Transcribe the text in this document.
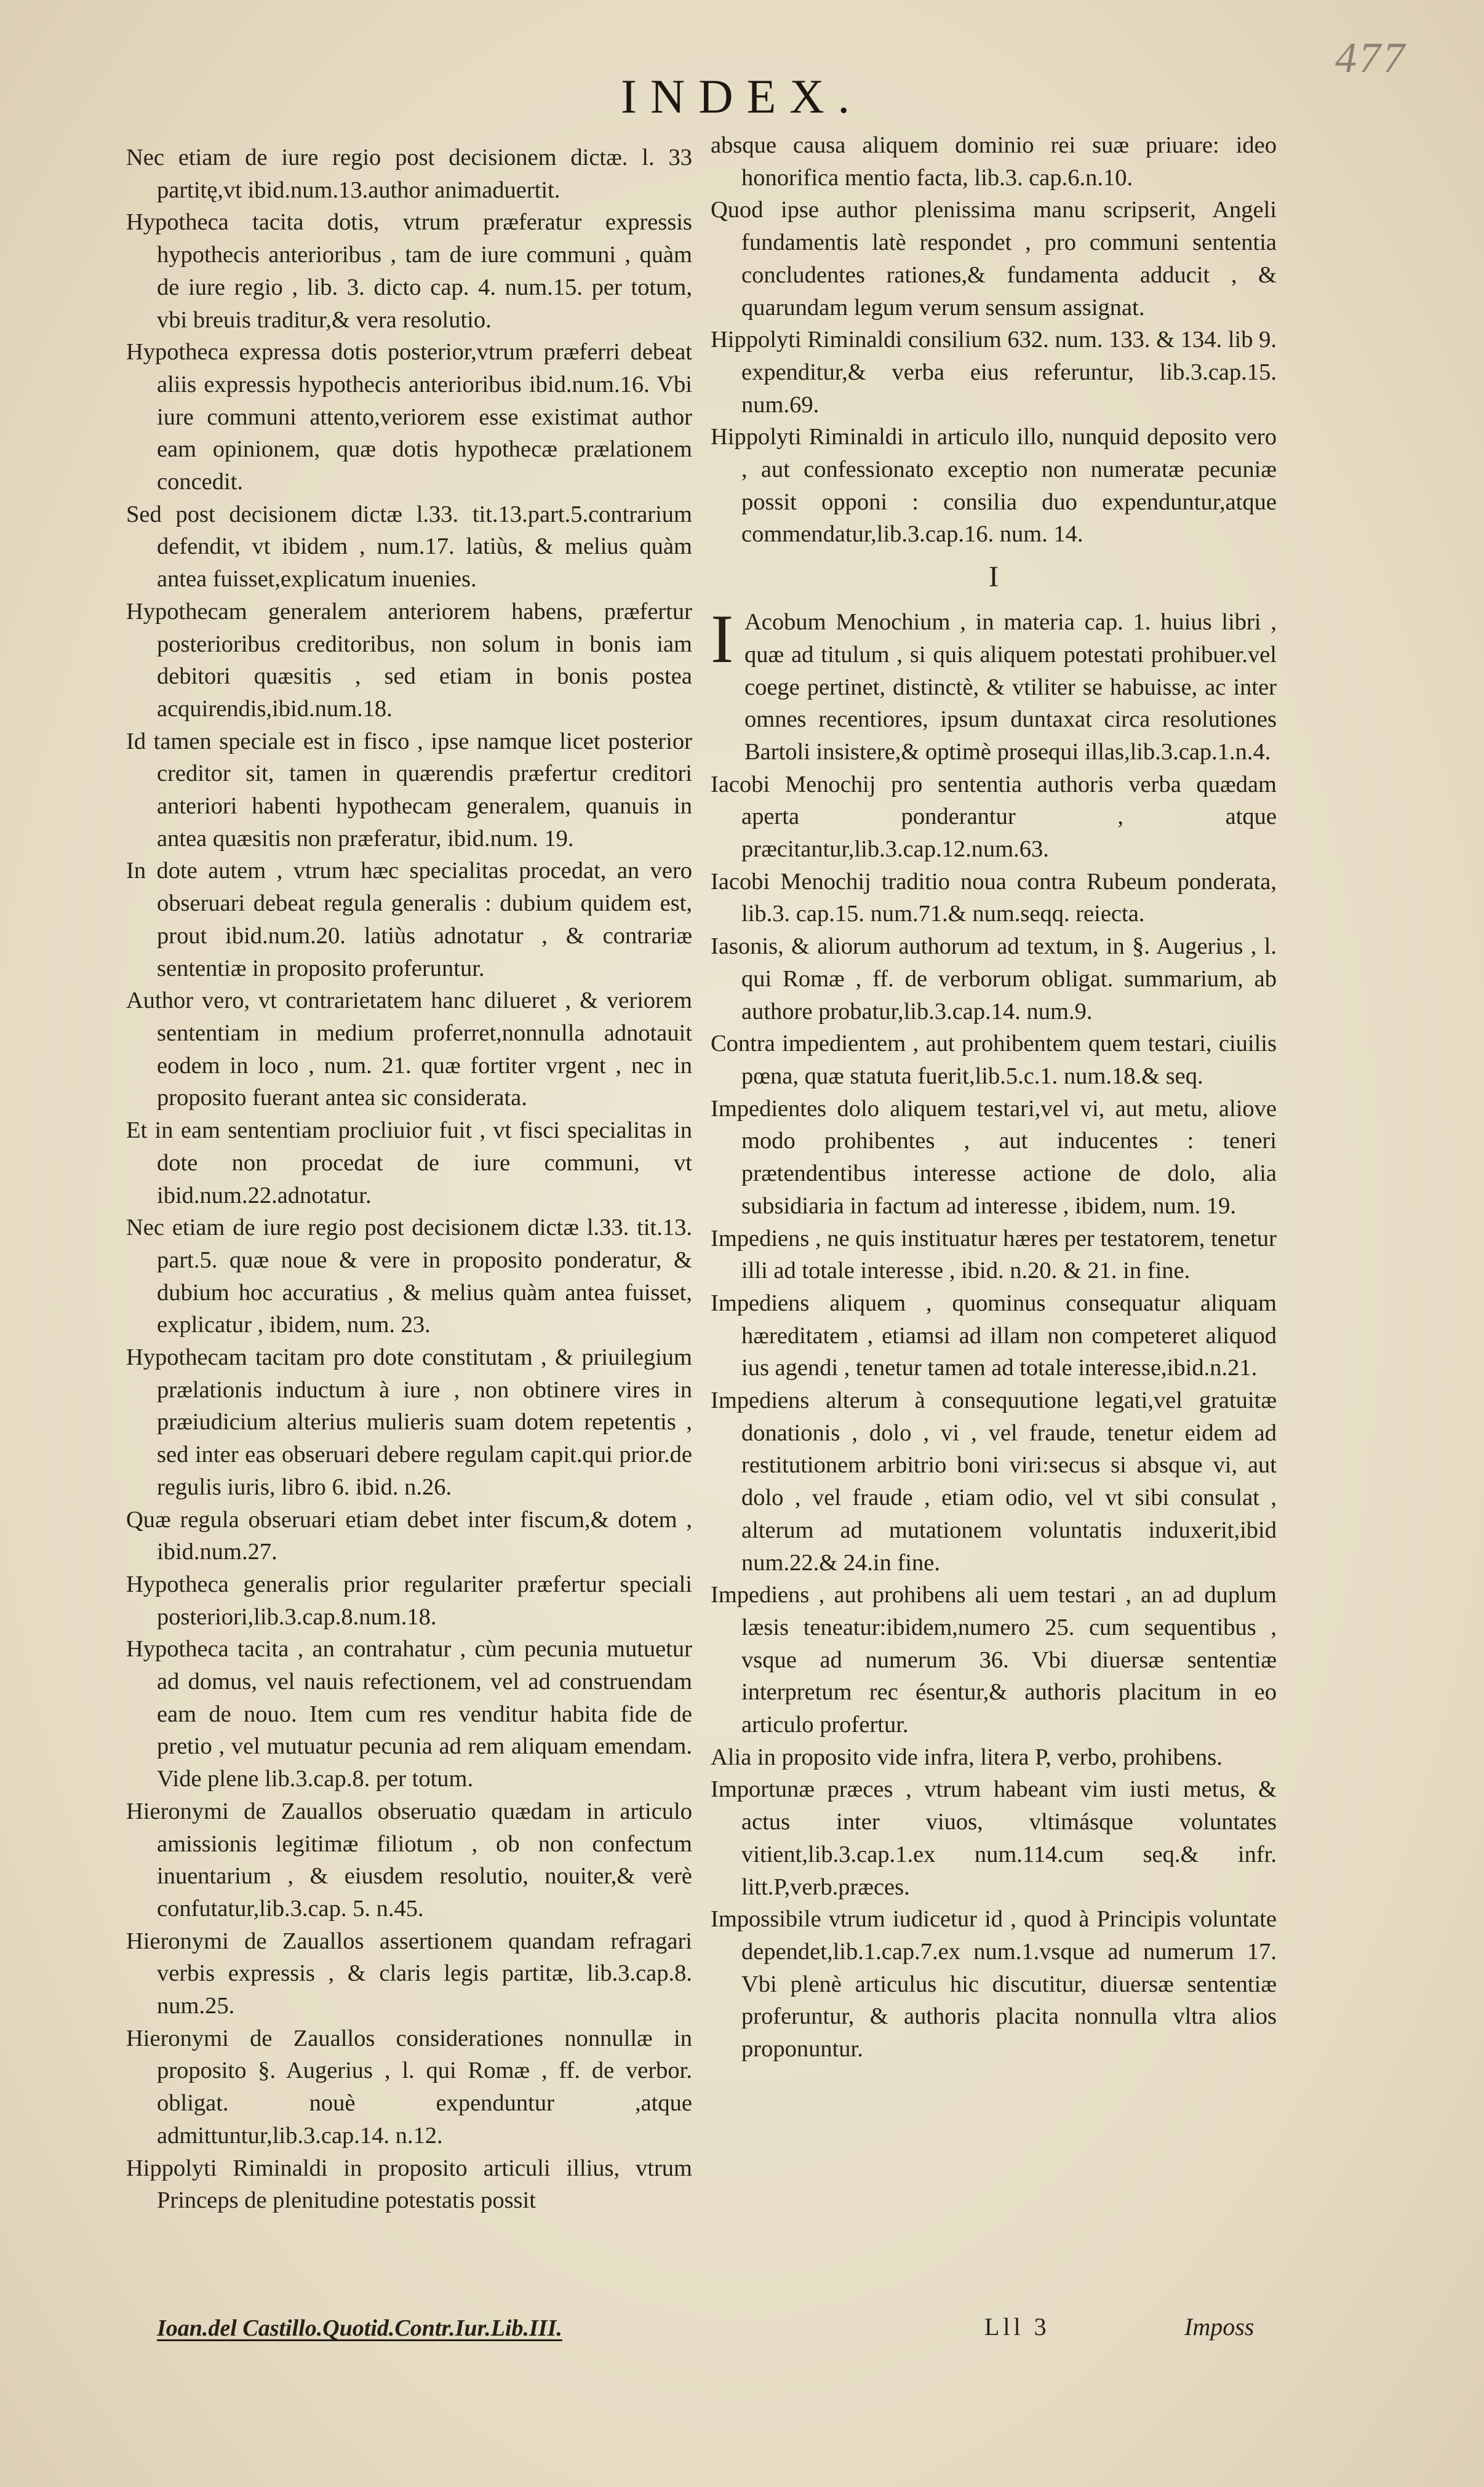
477
INDEX.
Nec etiam de iure regio post decisionem dictæ. l. 33 partitę,vt ibid.num.13.author animaduertit.
Hypotheca tacita dotis, vtrum præferatur expressis hypothecis anterioribus , tam de iure communi , quàm de iure regio , lib. 3. dicto cap. 4. num.15. per totum, vbi breuis traditur,& vera resolutio.
Hypotheca expressa dotis posterior,vtrum præferri debeat aliis expressis hypothecis anterioribus ibid.num.16. Vbi iure communi attento,veriorem esse existimat author eam opinionem, quæ dotis hypothecæ prælationem concedit.
Sed post decisionem dictæ l.33. tit.13.part.5.contrarium defendit, vt ibidem , num.17. latiùs, & melius quàm antea fuisset,explicatum inuenies.
Hypothecam generalem anteriorem habens, præfertur posterioribus creditoribus, non solum in bonis iam debitori quæsitis , sed etiam in bonis postea acquirendis,ibid.num.18.
Id tamen speciale est in fisco , ipse namque licet posterior creditor sit, tamen in quærendis præfertur creditori anteriori habenti hypothecam generalem, quanuis in antea quæsitis non præferatur, ibid.num. 19.
In dote autem , vtrum hæc specialitas procedat, an vero obseruari debeat regula generalis : dubium quidem est, prout ibid.num.20. latiùs adnotatur , & contrariæ sententiæ in proposito proferuntur.
Author vero, vt contrarietatem hanc dilueret , & veriorem sententiam in medium proferret,nonnulla adnotauit eodem in loco , num. 21. quæ fortiter vrgent , nec in proposito fuerant antea sic considerata.
Et in eam sententiam procliuior fuit , vt fisci specialitas in dote non procedat de iure communi, vt ibid.num.22.adnotatur.
Nec etiam de iure regio post decisionem dictæ l.33. tit.13. part.5. quæ noue & vere in proposito ponderatur, & dubium hoc accuratius , & melius quàm antea fuisset, explicatur , ibidem, num. 23.
Hypothecam tacitam pro dote constitutam , & priuilegium prælationis inductum à iure , non obtinere vires in præiudicium alterius mulieris suam dotem repetentis , sed inter eas obseruari debere regulam capit.qui prior.de regulis iuris, libro 6. ibid. n.26.
Quæ regula obseruari etiam debet inter fiscum,& dotem , ibid.num.27.
Hypotheca generalis prior regulariter præfertur speciali posteriori,lib.3.cap.8.num.18.
Hypotheca tacita , an contrahatur , cùm pecunia mutuetur ad domus, vel nauis refectionem, vel ad construendam eam de nouo. Item cum res venditur habita fide de pretio , vel mutuatur pecunia ad rem aliquam emendam. Vide plene lib.3.cap.8. per totum.
Hieronymi de Zauallos obseruatio quædam in articulo amissionis legitimæ filiotum , ob non confectum inuentarium , & eiusdem resolutio, nouiter,& verè confutatur,lib.3.cap. 5. n.45.
Hieronymi de Zauallos assertionem quandam refragari verbis expressis , & claris legis partitæ, lib.3.cap.8. num.25.
Hieronymi de Zauallos considerationes nonnullæ in proposito §. Augerius , l. qui Romæ , ff. de verbor. obligat. nouè expenduntur ,atque admittuntur,lib.3.cap.14. n.12.
Hippolyti Riminaldi in proposito articuli illius, vtrum Princeps de plenitudine potestatis possit
absque causa aliquem dominio rei suæ priuare: ideo honorifica mentio facta, lib.3. cap.6.n.10.
Quod ipse author plenissima manu scripserit, Angeli fundamentis latè respondet , pro communi sententia concludentes rationes,& fundamenta adducit , & quarundam legum verum sensum assignat.
Hippolyti Riminaldi consilium 632. num. 133. & 134. lib 9. expenditur,& verba eius referuntur, lib.3.cap.15. num.69.
Hippolyti Riminaldi in articulo illo, nunquid deposito vero , aut confessionato exceptio non numeratæ pecuniæ possit opponi : consilia duo expenduntur,atque commendatur,lib.3.cap.16. num. 14.
I
I Acobum Menochium , in materia cap. 1. huius libri , quæ ad titulum , si quis aliquem potestati prohibuer.vel coege pertinet, distinctè, & vtiliter se habuisse, ac inter omnes recentiores, ipsum duntaxat circa resolutiones Bartoli insistere,& optimè prosequi illas,lib.3.cap.1.n.4.
Iacobi Menochij pro sententia authoris verba quædam aperta ponderantur , atque præcitantur,lib.3.cap.12.num.63.
Iacobi Menochij traditio noua contra Rubeum ponderata, lib.3. cap.15. num.71.& num.seqq. reiecta.
Iasonis, & aliorum authorum ad textum, in §. Augerius , l. qui Romæ , ff. de verborum obligat. summarium, ab authore probatur,lib.3.cap.14. num.9.
Contra impedientem , aut prohibentem quem testari, ciuilis pœna, quæ statuta fuerit,lib.5.c.1. num.18.& seq.
Impedientes dolo aliquem testari,vel vi, aut metu, aliove modo prohibentes , aut inducentes : teneri prætendentibus interesse actione de dolo, alia subsidiaria in factum ad interesse , ibidem, num. 19.
Impediens , ne quis instituatur hæres per testatorem, tenetur illi ad totale interesse , ibid. n.20. & 21. in fine.
Impediens aliquem , quominus consequatur aliquam hæreditatem , etiamsi ad illam non competeret aliquod ius agendi , tenetur tamen ad totale interesse,ibid.n.21.
Impediens alterum à consequutione legati,vel gratuitæ donationis , dolo , vi , vel fraude, tenetur eidem ad restitutionem arbitrio boni viri:secus si absque vi, aut dolo , vel fraude , etiam odio, vel vt sibi consulat , alterum ad mutationem voluntatis induxerit,ibid num.22.& 24.in fine.
Impediens , aut prohibens ali uem testari , an ad duplum læsis teneatur:ibidem,numero 25. cum sequentibus , vsque ad numerum 36. Vbi diuersæ sententiæ interpretum rec ésentur,& authoris placitum in eo articulo profertur.
Alia in proposito vide infra, litera P, verbo, prohibens.
Importunæ præces , vtrum habeant vim iusti metus, & actus inter viuos, vltimásque voluntates vitient,lib.3.cap.1.ex num.114.cum seq.& infr. litt.P,verb.præces.
Impossibile vtrum iudicetur id , quod à Principis voluntate dependet,lib.1.cap.7.ex num.1.vsque ad numerum 17. Vbi plenè articulus hic discutitur, diuersæ sententiæ proferuntur, & authoris placita nonnulla vltra alios proponuntur.
Ioan.del Castillo.Quotid.Contr.Iur.Lib.III.	Lll 3	Imposs
